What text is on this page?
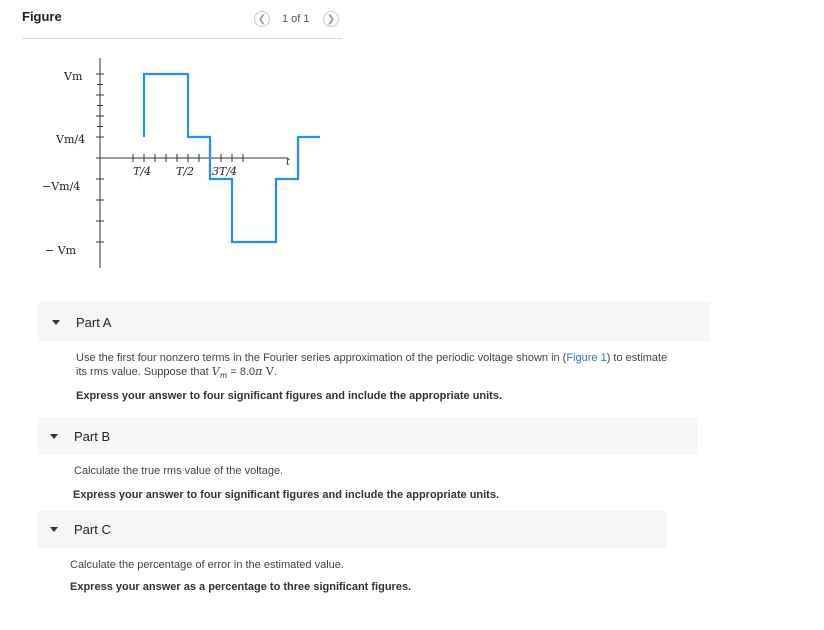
Figure	❮ 1 of 1 ❯
Vm
Vm/4
−Vm/4
− Vm
T/4 T/2 3T/4
t
Part A
Use the first four nonzero terms in the Fourier series approximation of the periodic voltage shown in (Figure 1) to estimate
its rms value. Suppose that $V_m = 8.0\pi$ V.
Express your answer to four significant figures and include the appropriate units.
Part B
Calculate the true rms value of the voltage.
Express your answer to four significant figures and include the appropriate units.
Part C
Calculate the percentage of error in the estimated value.
Express your answer as a percentage to three significant figures.
